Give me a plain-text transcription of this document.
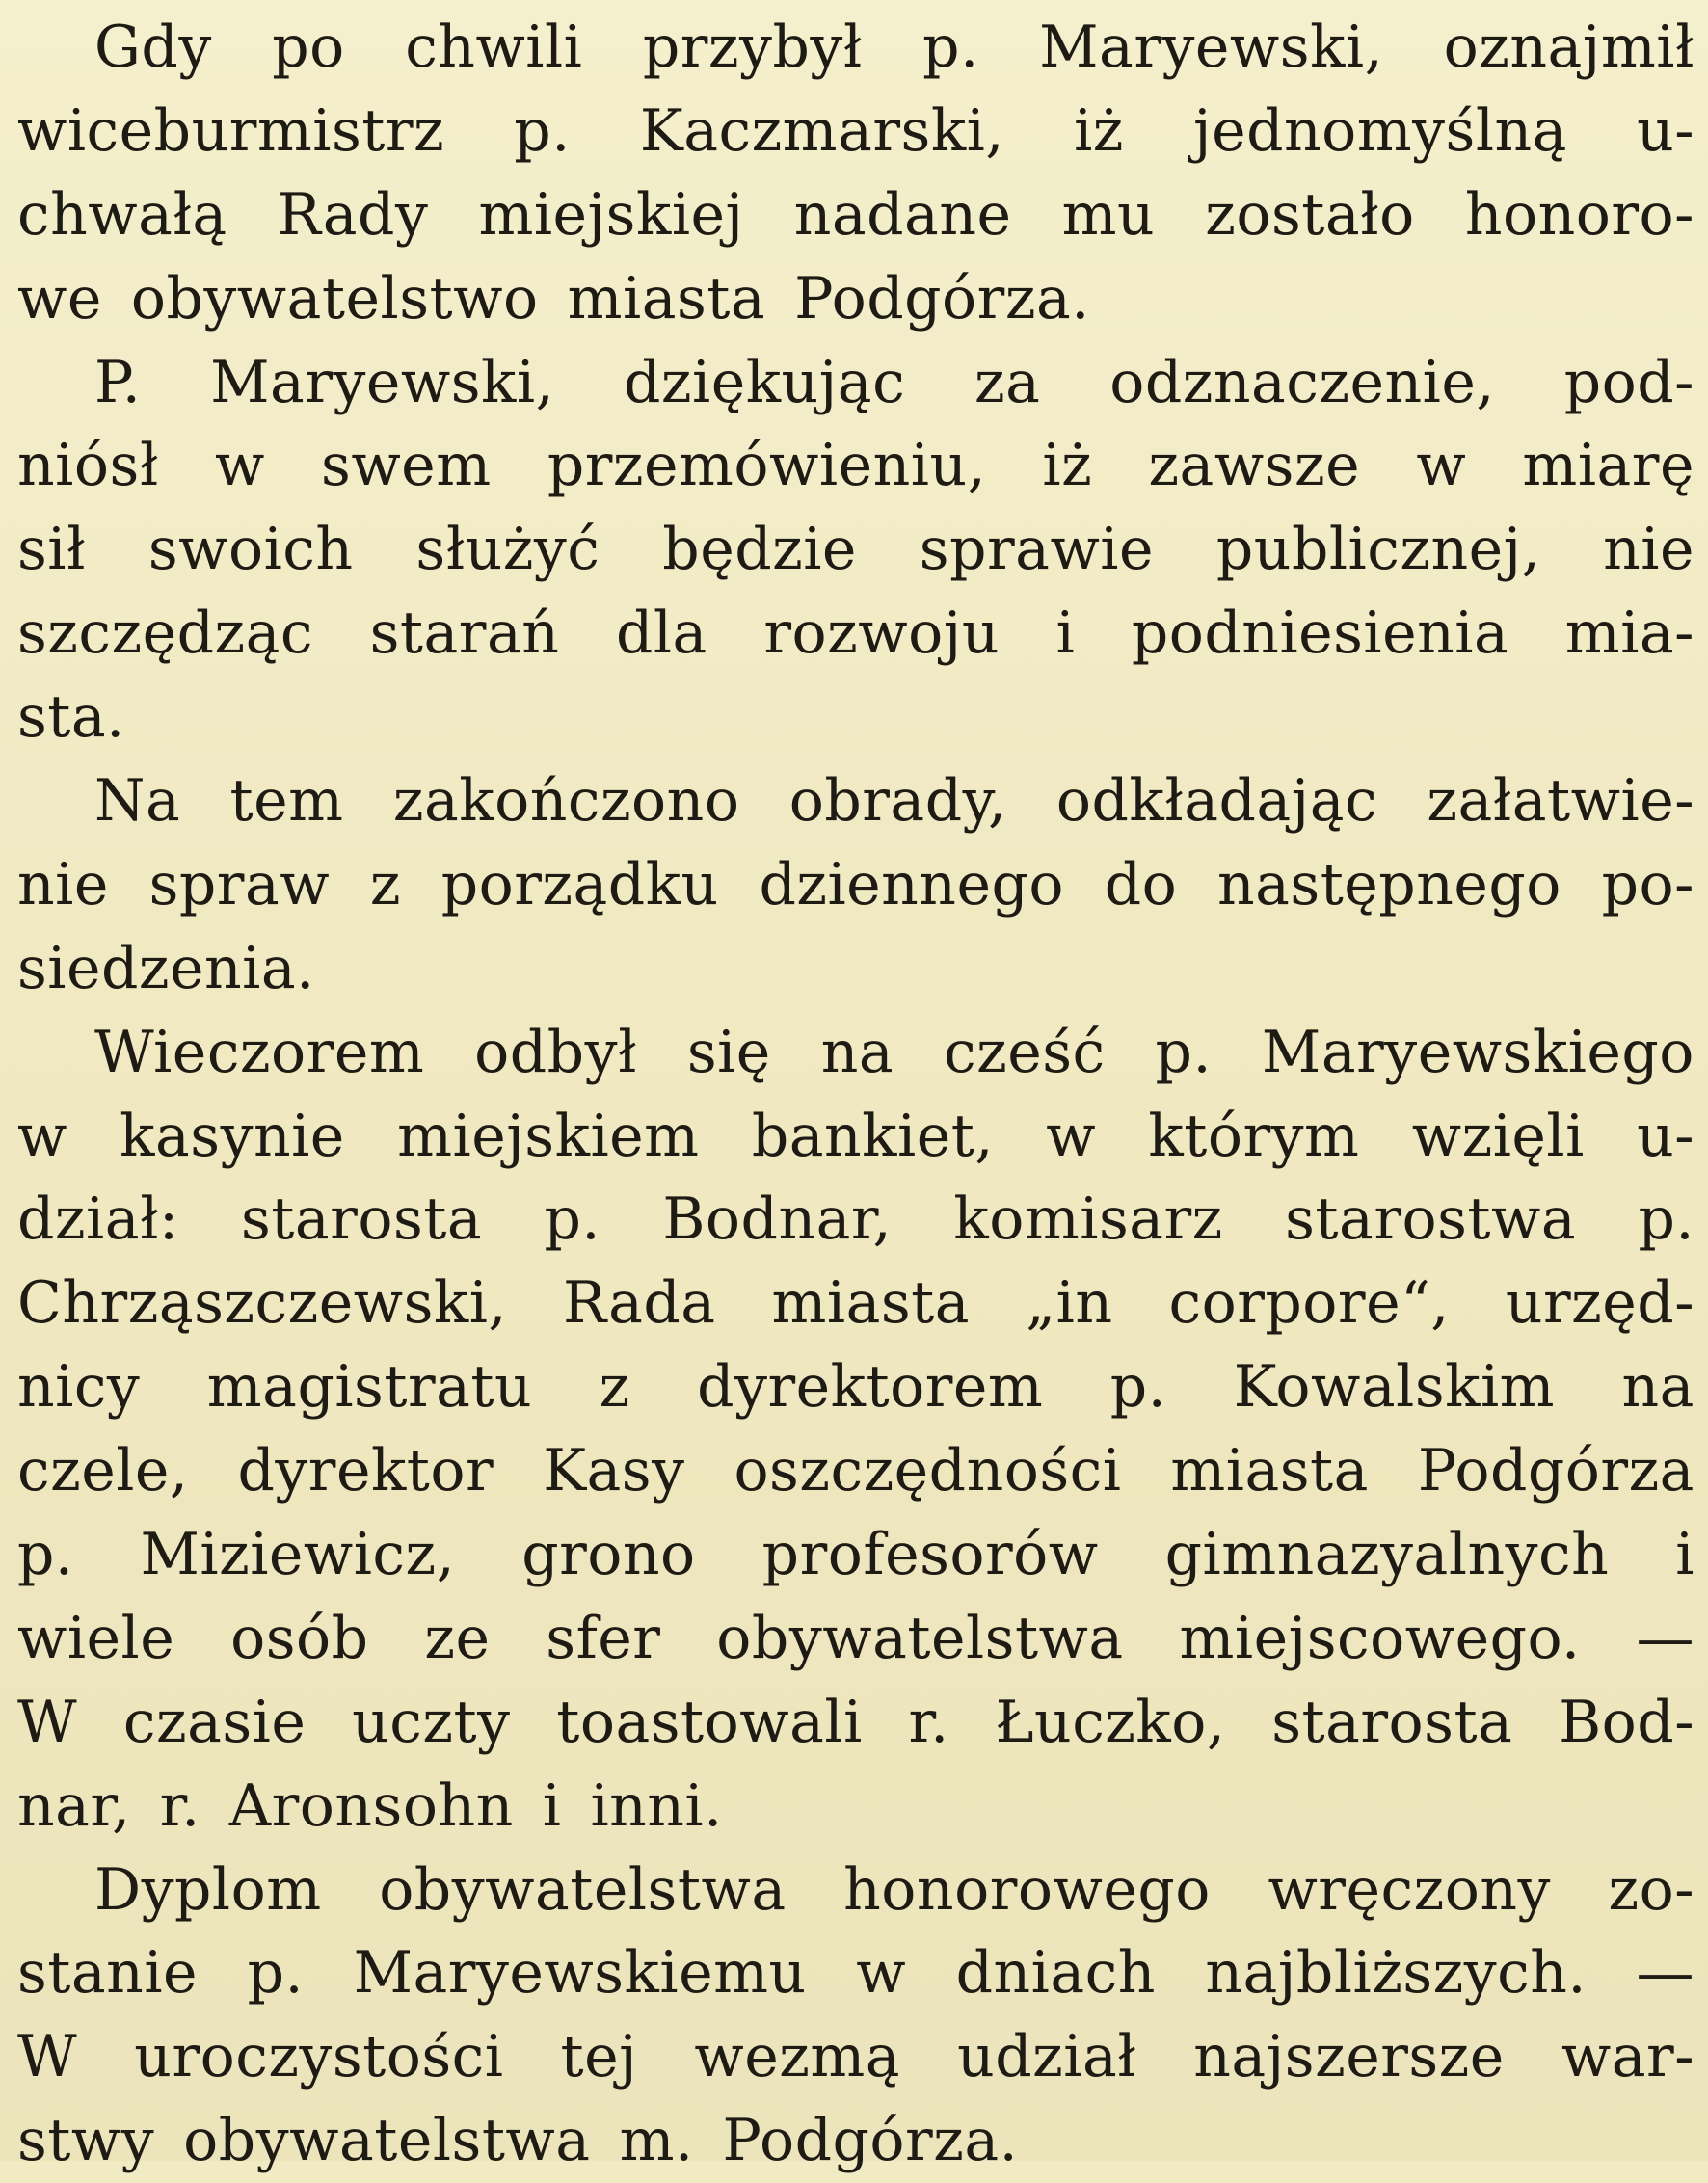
Gdy po chwili przybył p. Maryewski, oznajmił
wiceburmistrz p. Kaczmarski, iż jednomyślną u-
chwałą Rady miejskiej nadane mu zostało honoro-
we obywatelstwo miasta Podgórza.
P. Maryewski, dziękując za odznaczenie, pod-
niósł w swem przemówieniu, iż zawsze w miarę
sił swoich służyć będzie sprawie publicznej, nie
szczędząc starań dla rozwoju i podniesienia mia-
sta.
Na tem zakończono obrady, odkładając załatwie-
nie spraw z porządku dziennego do następnego po-
siedzenia.
Wieczorem odbył się na cześć p. Maryewskiego
w kasynie miejskiem bankiet, w którym wzięli u-
dział: starosta p. Bodnar, komisarz starostwa p.
Chrząszczewski, Rada miasta „in corpore“, urzęd-
nicy magistratu z dyrektorem p. Kowalskim na
czele, dyrektor Kasy oszczędności miasta Podgórza
p. Miziewicz, grono profesorów gimnazyalnych i
wiele osób ze sfer obywatelstwa miejscowego. —
W czasie uczty toastowali r. Łuczko, starosta Bod-
nar, r. Aronsohn i inni.
Dyplom obywatelstwa honorowego wręczony zo-
stanie p. Maryewskiemu w dniach najbliższych. —
W uroczystości tej wezmą udział najszersze war-
stwy obywatelstwa m. Podgórza.
